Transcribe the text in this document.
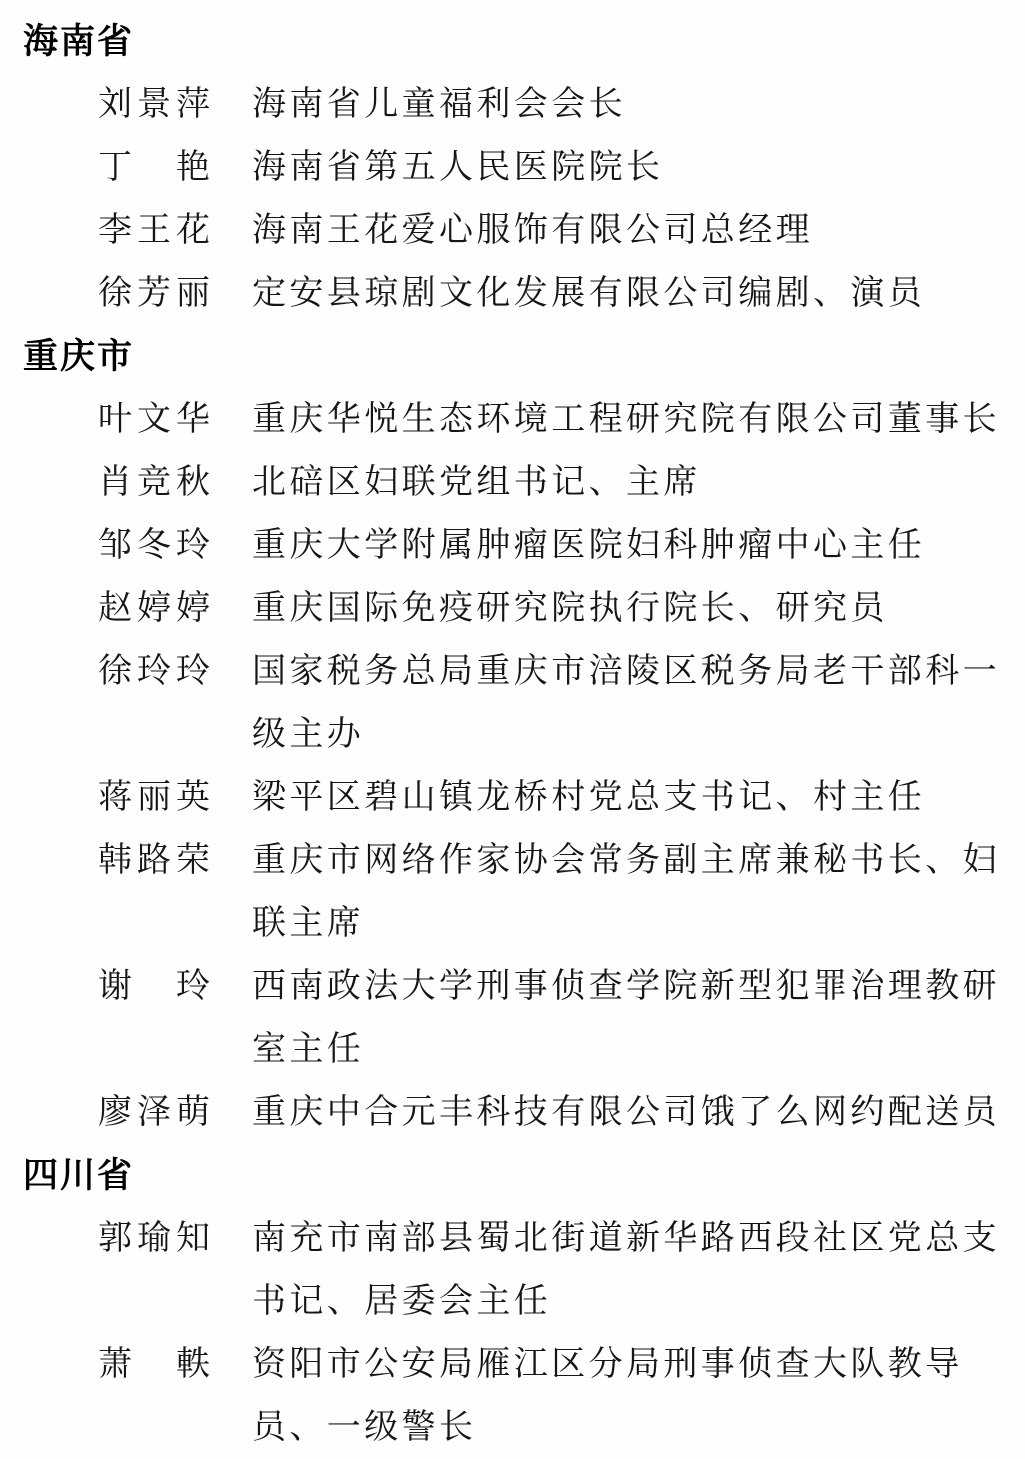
海南省
刘景萍 海南省儿童福利会会长
丁　艳 海南省第五人民医院院长
李王花 海南王花爱心服饰有限公司总经理
徐芳丽 定安县琼剧文化发展有限公司编剧、演员
重庆市
叶文华 重庆华悦生态环境工程研究院有限公司董事长
肖竞秋 北碚区妇联党组书记、主席
邹冬玲 重庆大学附属肿瘤医院妇科肿瘤中心主任
赵婷婷 重庆国际免疫研究院执行院长、研究员
徐玲玲 国家税务总局重庆市涪陵区税务局老干部科一级主办
蒋丽英 梁平区碧山镇龙桥村党总支书记、村主任
韩路荣 重庆市网络作家协会常务副主席兼秘书长、妇联主席
谢　玲 西南政法大学刑事侦查学院新型犯罪治理教研室主任
廖泽萌 重庆中合元丰科技有限公司饿了么网约配送员
四川省
郭瑜知 南充市南部县蜀北街道新华路西段社区党总支书记、居委会主任
萧　軼 资阳市公安局雁江区分局刑事侦查大队教导员、一级警长
